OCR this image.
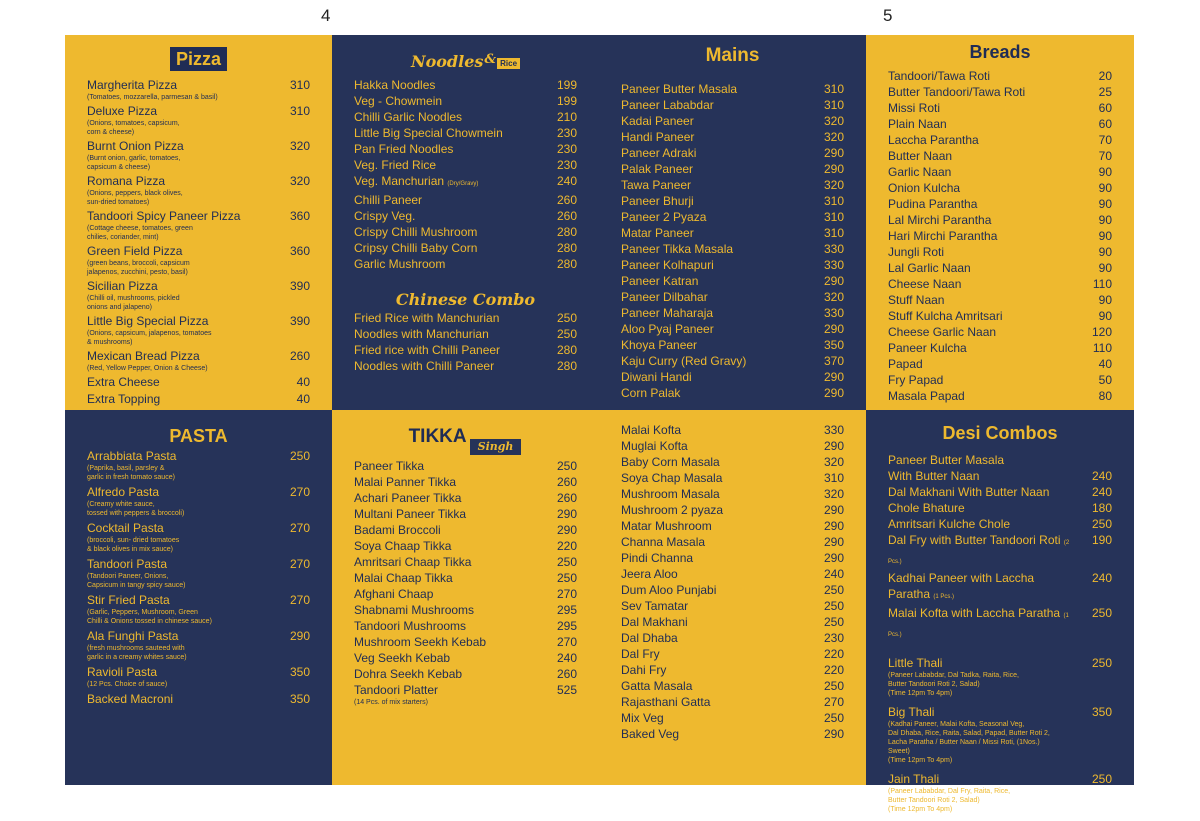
4	5
Pizza
Margherita Pizza	310
(Tomatoes, mozzarella, parmesan & basil)
Deluxe Pizza	310
(Onions, tomatoes, capsicum,
corn & cheese)
Burnt Onion Pizza	320
(Burnt onion, garlic, tomatoes,
capsicum & cheese)
Romana Pizza	320
(Onions, peppers, black olives,
sun-dried tomatoes)
Tandoori Spicy Paneer Pizza	360
(Cottage cheese, tomatoes, green
chilies, coriander, mint)
Green Field Pizza	360
(green beans, broccoli, capsicum
jalapenos, zucchini, pesto, basil)
Sicilian Pizza	390
(Chilli oil, mushrooms, pickled
onions and jalapeno)
Little Big Special Pizza	390
(Onions, capsicum, jalapenos, tomatoes
& mushrooms)
Mexican Bread Pizza	260
(Red, Yellow Pepper, Onion & Cheese)
Extra Cheese	40
Extra Topping	40
Noodles & Rice
Hakka Noodles	199
Veg - Chowmein	199
Chilli Garlic Noodles	210
Little Big Special Chowmein	230
Pan Fried Noodles	230
Veg. Fried Rice	230
Veg. Manchurian (Dry/Gravy)	240
Chilli Paneer	260
Crispy Veg.	260
Crispy Chilli Mushroom	280
Cripsy Chilli Baby Corn	280
Garlic Mushroom	280
Chinese Combo
Fried Rice with Manchurian	250
Noodles with Manchurian	250
Fried rice with Chilli Paneer	280
Noodles with Chilli Paneer	280
Mains
Paneer Butter Masala	310
Paneer Lababdar	310
Kadai Paneer	320
Handi Paneer	320
Paneer Adraki	290
Palak Paneer	290
Tawa Paneer	320
Paneer Bhurji	310
Paneer 2 Pyaza	310
Matar Paneer	310
Paneer Tikka Masala	330
Paneer Kolhapuri	330
Paneer Katran	290
Paneer Dilbahar	320
Paneer Maharaja	330
Aloo Pyaj Paneer	290
Khoya Paneer	350
Kaju Curry (Red Gravy)	370
Diwani Handi	290
Corn Palak	290
Breads
Tandoori/Tawa Roti	20
Butter Tandoori/Tawa Roti	25
Missi Roti	60
Plain Naan	60
Laccha Parantha	70
Butter Naan	70
Garlic Naan	90
Onion Kulcha	90
Pudina Parantha	90
Lal Mirchi Parantha	90
Hari Mirchi Parantha	90
Jungli Roti	90
Lal Garlic Naan	90
Cheese Naan	110
Stuff Naan	90
Stuff Kulcha Amritsari	90
Cheese Garlic Naan	120
Paneer Kulcha	110
Papad	40
Fry Papad	50
Masala Papad	80
PASTA
Arrabbiata Pasta	250
(Paprika, basil, parsley &
garlic in fresh tomato sauce)
Alfredo Pasta	270
(Creamy white sauce,
tossed with peppers & broccoli)
Cocktail Pasta	270
(broccoli, sun- dried tomatoes
& black olives in mix sauce)
Tandoori Pasta	270
(Tandoori Paneer, Onions,
Capsicum in tangy spicy sauce)
Stir Fried Pasta	270
(Garlic, Peppers, Mushroom, Green
Chilli & Onions tossed in chinese sauce)
Ala Funghi Pasta	290
(fresh mushrooms sauteed with
garlic in a creamy whites sauce)
Ravioli Pasta	350
(12 Pcs. Choice of sauce)
Backed Macroni	350
TIKKA	Singh
Paneer Tikka	250
Malai Panner Tikka	260
Achari Paneer Tikka	260
Multani Paneer Tikka	290
Badami Broccoli	290
Soya Chaap Tikka	220
Amritsari Chaap Tikka	250
Malai Chaap Tikka	250
Afghani Chaap	270
Shabnami Mushrooms	295
Tandoori Mushrooms	295
Mushroom Seekh Kebab	270
Veg Seekh Kebab	240
Dohra Seekh Kebab	260
Tandoori Platter	525
(14 Pcs. of mix starters)
Malai Kofta	330
Muglai Kofta	290
Baby Corn Masala	320
Soya Chap Masala	310
Mushroom Masala	320
Mushroom 2 pyaza	290
Matar Mushroom	290
Channa Masala	290
Pindi Channa	290
Jeera Aloo	240
Dum Aloo Punjabi	250
Sev Tamatar	250
Dal Makhani	250
Dal Dhaba	230
Dal Fry	220
Dahi Fry	220
Gatta Masala	250
Rajasthani Gatta	270
Mix Veg	250
Baked Veg	290
Desi Combos
Paneer Butter Masala
With Butter Naan	240
Dal Makhani With Butter Naan	240
Chole Bhature	180
Amritsari Kulche Chole	250
Dal Fry with Butter Tandoori Roti (2 Pcs.)
190
Kadhai Paneer with Laccha Paratha (1 Pcs.)
240
Malai Kofta with Laccha Paratha (1 Pcs.)
250
Little Thali	250
(Paneer Lababdar, Dal Tadka, Raita, Rice,
Butter Tandoori Roti 2, Salad)
(Time 12pm To 4pm)
Big Thali	350
(Kadhai Paneer, Malai Kofta, Seasonal Veg,
Dal Dhaba, Rice, Raita, Salad, Papad, Butter Roti 2,
Lacha Paratha / Butter Naan / Missi Roti, (1Nos.)
Sweet)
(Time 12pm To 4pm)
Jain Thali	250
(Paneer Lababdar, Dal Fry, Raita, Rice,
Butter Tandoori Roti 2, Salad)
(Time 12pm To 4pm)
